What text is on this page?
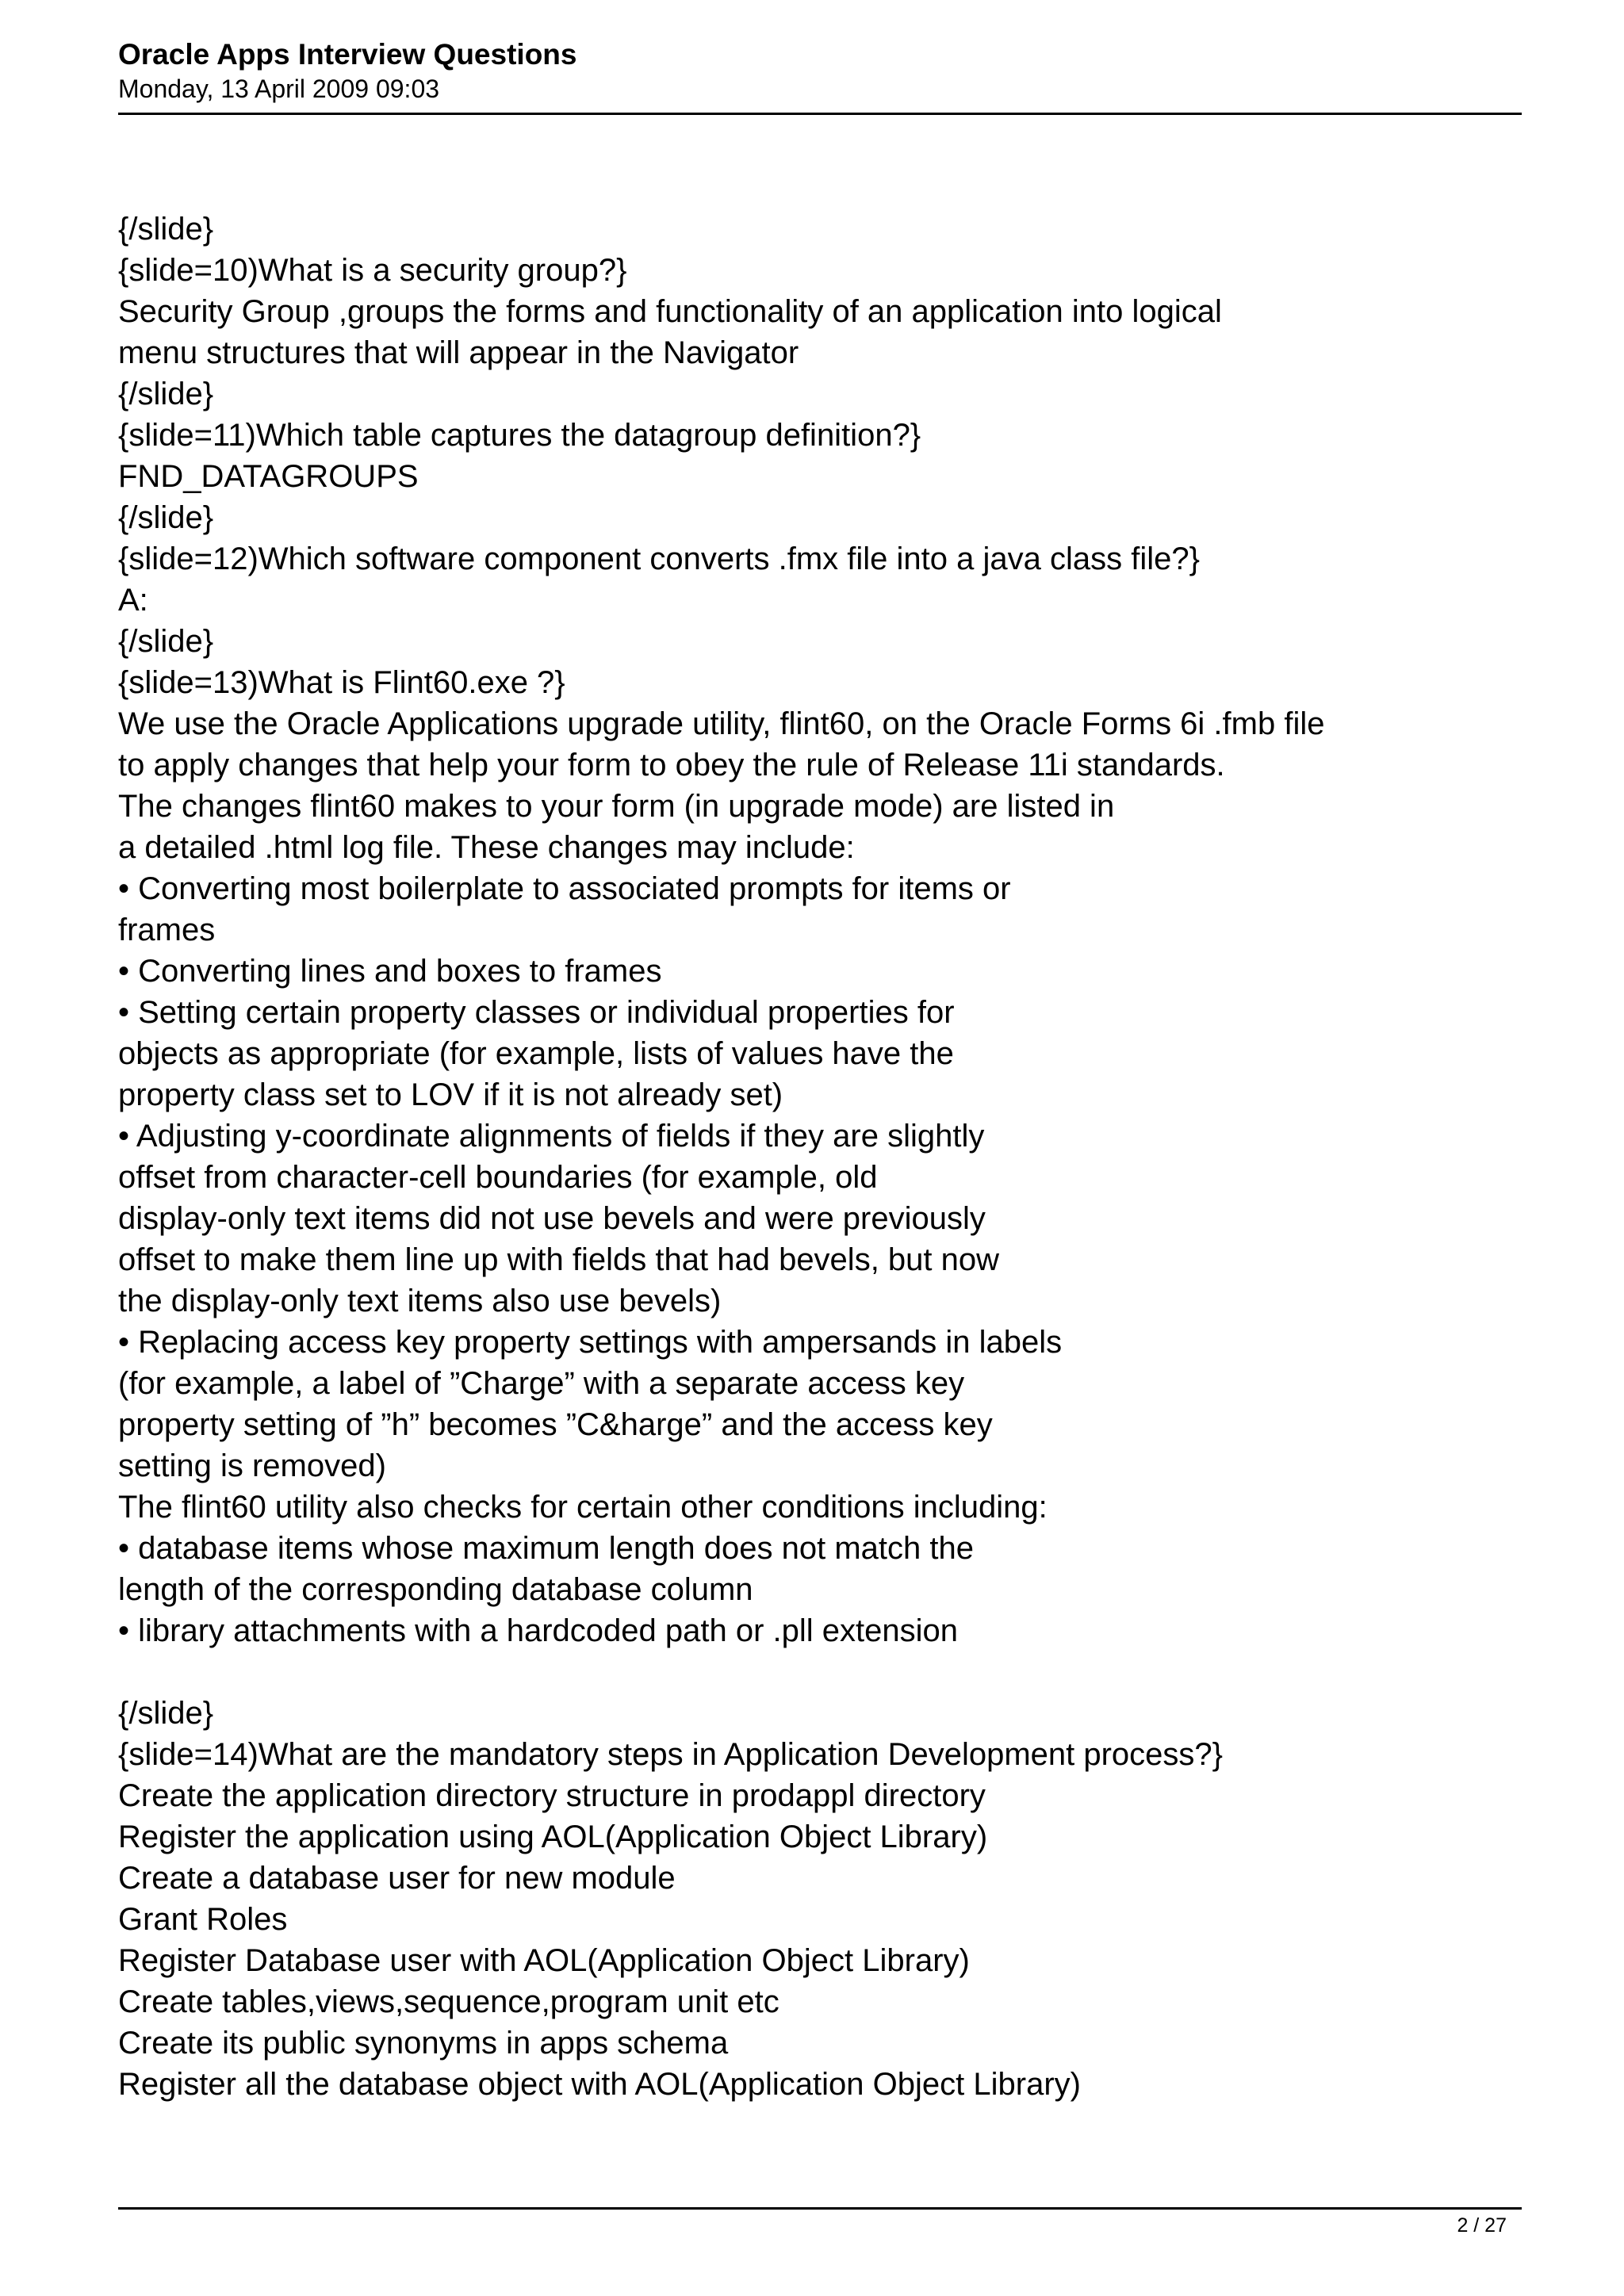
Oracle Apps Interview Questions
Monday, 13 April 2009 09:03
{/slide}
{slide=10)What is a security group?}
Security Group ,groups the forms and functionality of an application into logical
menu structures that will appear in the Navigator
{/slide}
{slide=11)Which table captures the datagroup definition?}
FND_DATAGROUPS
{/slide}
{slide=12)Which software component converts .fmx file into a java class file?}
A:
{/slide}
{slide=13)What is Flint60.exe ?}
We use the Oracle Applications upgrade utility, flint60, on the Oracle Forms 6i .fmb file
to apply changes that help your form to obey the rule of Release 11i standards.
The changes flint60 makes to your form (in upgrade mode) are listed in
a detailed .html log file. These changes may include:
• Converting most boilerplate to associated prompts for items or
frames
• Converting lines and boxes to frames
• Setting certain property classes or individual properties for
objects as appropriate (for example, lists of values have the
property class set to LOV if it is not already set)
• Adjusting y-coordinate alignments of fields if they are slightly
offset from character-cell boundaries (for example, old
display-only text items did not use bevels and were previously
offset to make them line up with fields that had bevels, but now
the display-only text items also use bevels)
• Replacing access key property settings with ampersands in labels
(for example, a label of ”Charge” with a separate access key
property setting of ”h” becomes ”C&harge” and the access key
setting is removed)
The flint60 utility also checks for certain other conditions including:
• database items whose maximum length does not match the
length of the corresponding database column
• library attachments with a hardcoded path or .pll extension
{/slide}
{slide=14)What are the mandatory steps in Application Development process?}
Create the application directory structure in prodappl directory
Register the application using AOL(Application Object Library)
Create a database user for new module
Grant Roles
Register Database user with AOL(Application Object Library)
Create tables,views,sequence,program unit etc
Create its public synonyms in apps schema
Register all the database object with AOL(Application Object Library)
2 / 27
